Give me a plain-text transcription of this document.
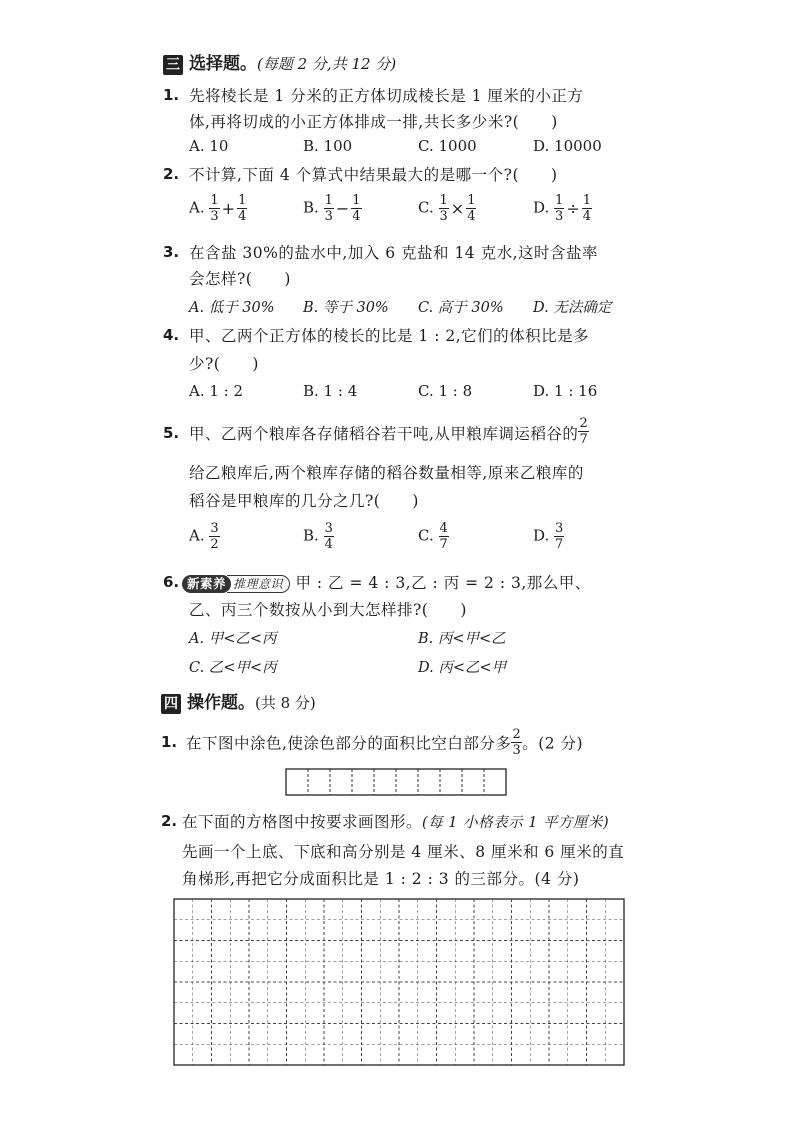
三 选择题。(每题 2 分,共 12 分)
1. 先将棱长是 1 分米的正方体切成棱长是 1 厘米的小正方
体,再将切成的小正方体排成一排,共长多少米?(　　)
A. 10	B. 100	C. 1000	D. 10000
2. 不计算,下面 4 个算式中结果最大的是哪一个?(　　)
A. $\frac{1}{3} + \frac{1}{4}$	B. $\frac{1}{3} - \frac{1}{4}$	C. $\frac{1}{3} \times \frac{1}{4}$	D. $\frac{1}{3} \div \frac{1}{4}$
3. 在含盐 30%的盐水中,加入 6 克盐和 14 克水,这时含盐率
会怎样?(　　)
A. 低于 30% B. 等于 30% C. 高于 30% D. 无法确定
4. 甲、乙两个正方体的棱长的比是 1 : 2,它们的体积比是多
少?(　　)
A. 1 : 2	B. 1 : 4	C. 1 : 8	D. 1 : 16
5. 甲、乙两个粮库各存储稻谷若干吨,从甲粮库调运稻谷的 $\frac{2}{7}$
给乙粮库后,两个粮库存储的稻谷数量相等,原来乙粮库的
稻谷是甲粮库的几分之几?(　　)
A. $\frac{3}{2}$	B. $\frac{3}{4}$	C. $\frac{4}{7}$	D. $\frac{3}{7}$
6. 新素养 推理意识 甲 : 乙 = 4 : 3,乙 : 丙 = 2 : 3,那么甲、
乙、丙三个数按从小到大怎样排?(　　)
A. 甲<乙<丙	B. 丙<甲<乙
C. 乙<甲<丙	D. 丙<乙<甲
四 操作题。(共 8 分)
1. 在下图中涂色,使涂色部分的面积比空白部分多 $\frac{2}{3}$ 。(2 分)
2. 在下面的方格图中按要求画图形。(每 1 小格表示 1 平方厘米)
先画一个上底、下底和高分别是 4 厘米、8 厘米和 6 厘米的直
角梯形,再把它分成面积比是 1 : 2 : 3 的三部分。(4 分)
